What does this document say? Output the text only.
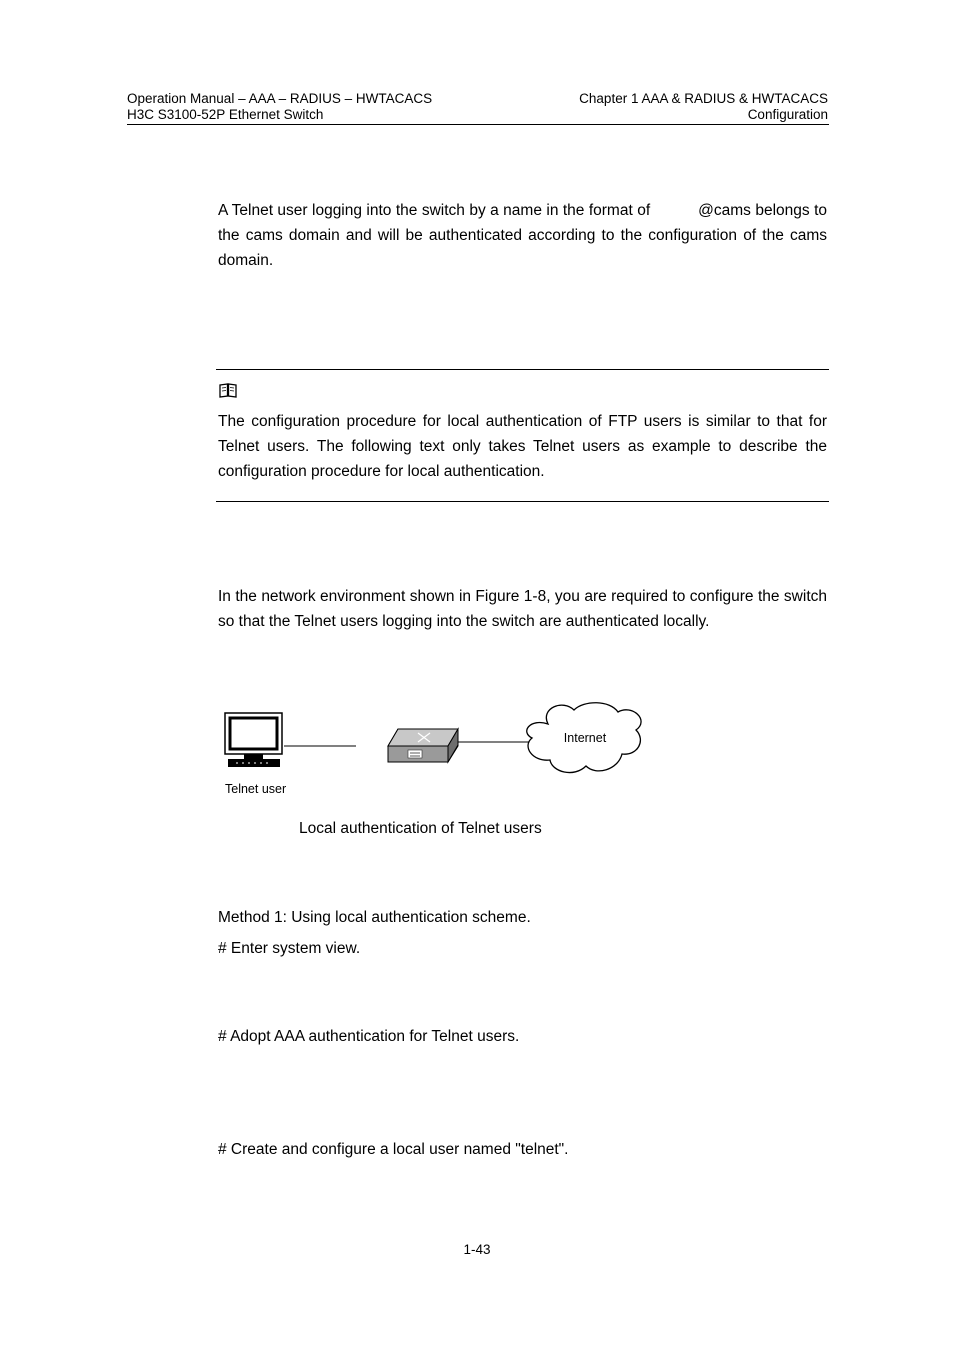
Operation Manual – AAA – RADIUS – HWTACACS
H3C S3100-52P Ethernet Switch
Chapter 1 AAA & RADIUS & HWTACACS
Configuration
A Telnet user logging into the switch by a name in the format of	@cams belongs to the cams domain and will be authenticated according to the configuration of the cams domain.
The configuration procedure for local authentication of FTP users is similar to that for Telnet users. The following text only takes Telnet users as example to describe the configuration procedure for local authentication.
In the network environment shown in Figure 1-8, you are required to configure the switch so that the Telnet users logging into the switch are authenticated locally.
Internet
Telnet user
Local authentication of Telnet users
Method 1: Using local authentication scheme.
# Enter system view.
# Adopt AAA authentication for Telnet users.
# Create and configure a local user named "telnet".
1-43
